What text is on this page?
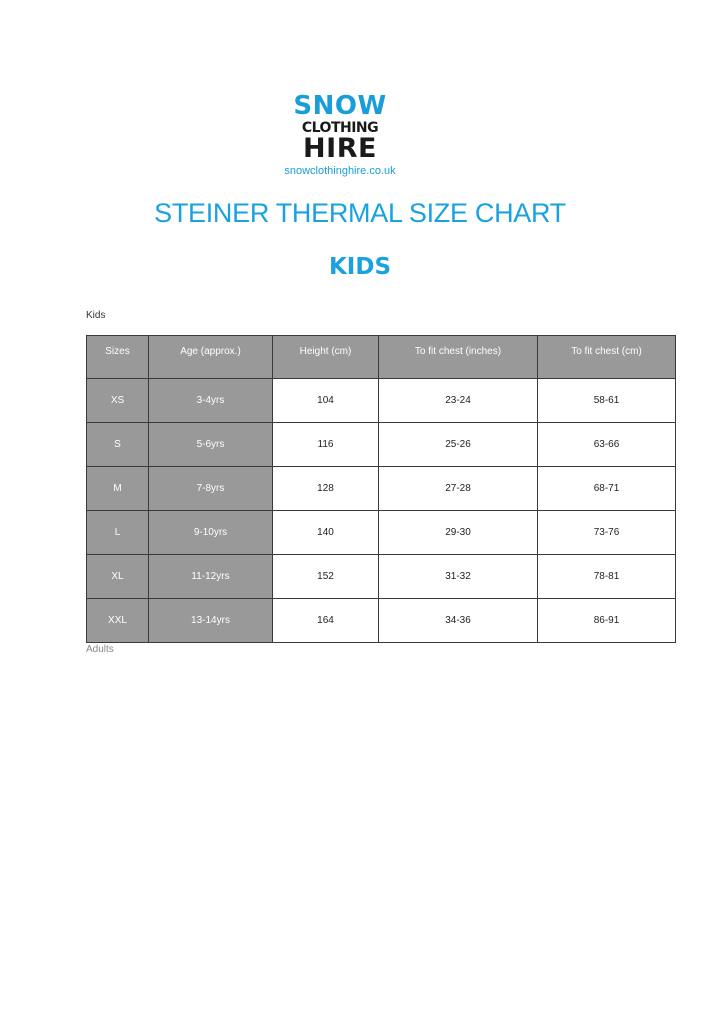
SNOW
CLOTHING
HIRE
snowclothinghire.co.uk
STEINER THERMAL SIZE CHART
KIDS
Kids
Sizes	Age (approx.)	Height (cm)	To fit chest (inches)	To fit chest (cm)
XS	3-4yrs	104	23-24	58-61
S	5-6yrs	116	25-26	63-66
M	7-8yrs	128	27-28	68-71
L	9-10yrs	140	29-30	73-76
XL	11-12yrs	152	31-32	78-81
XXL	13-14yrs	164	34-36	86-91
Adults
